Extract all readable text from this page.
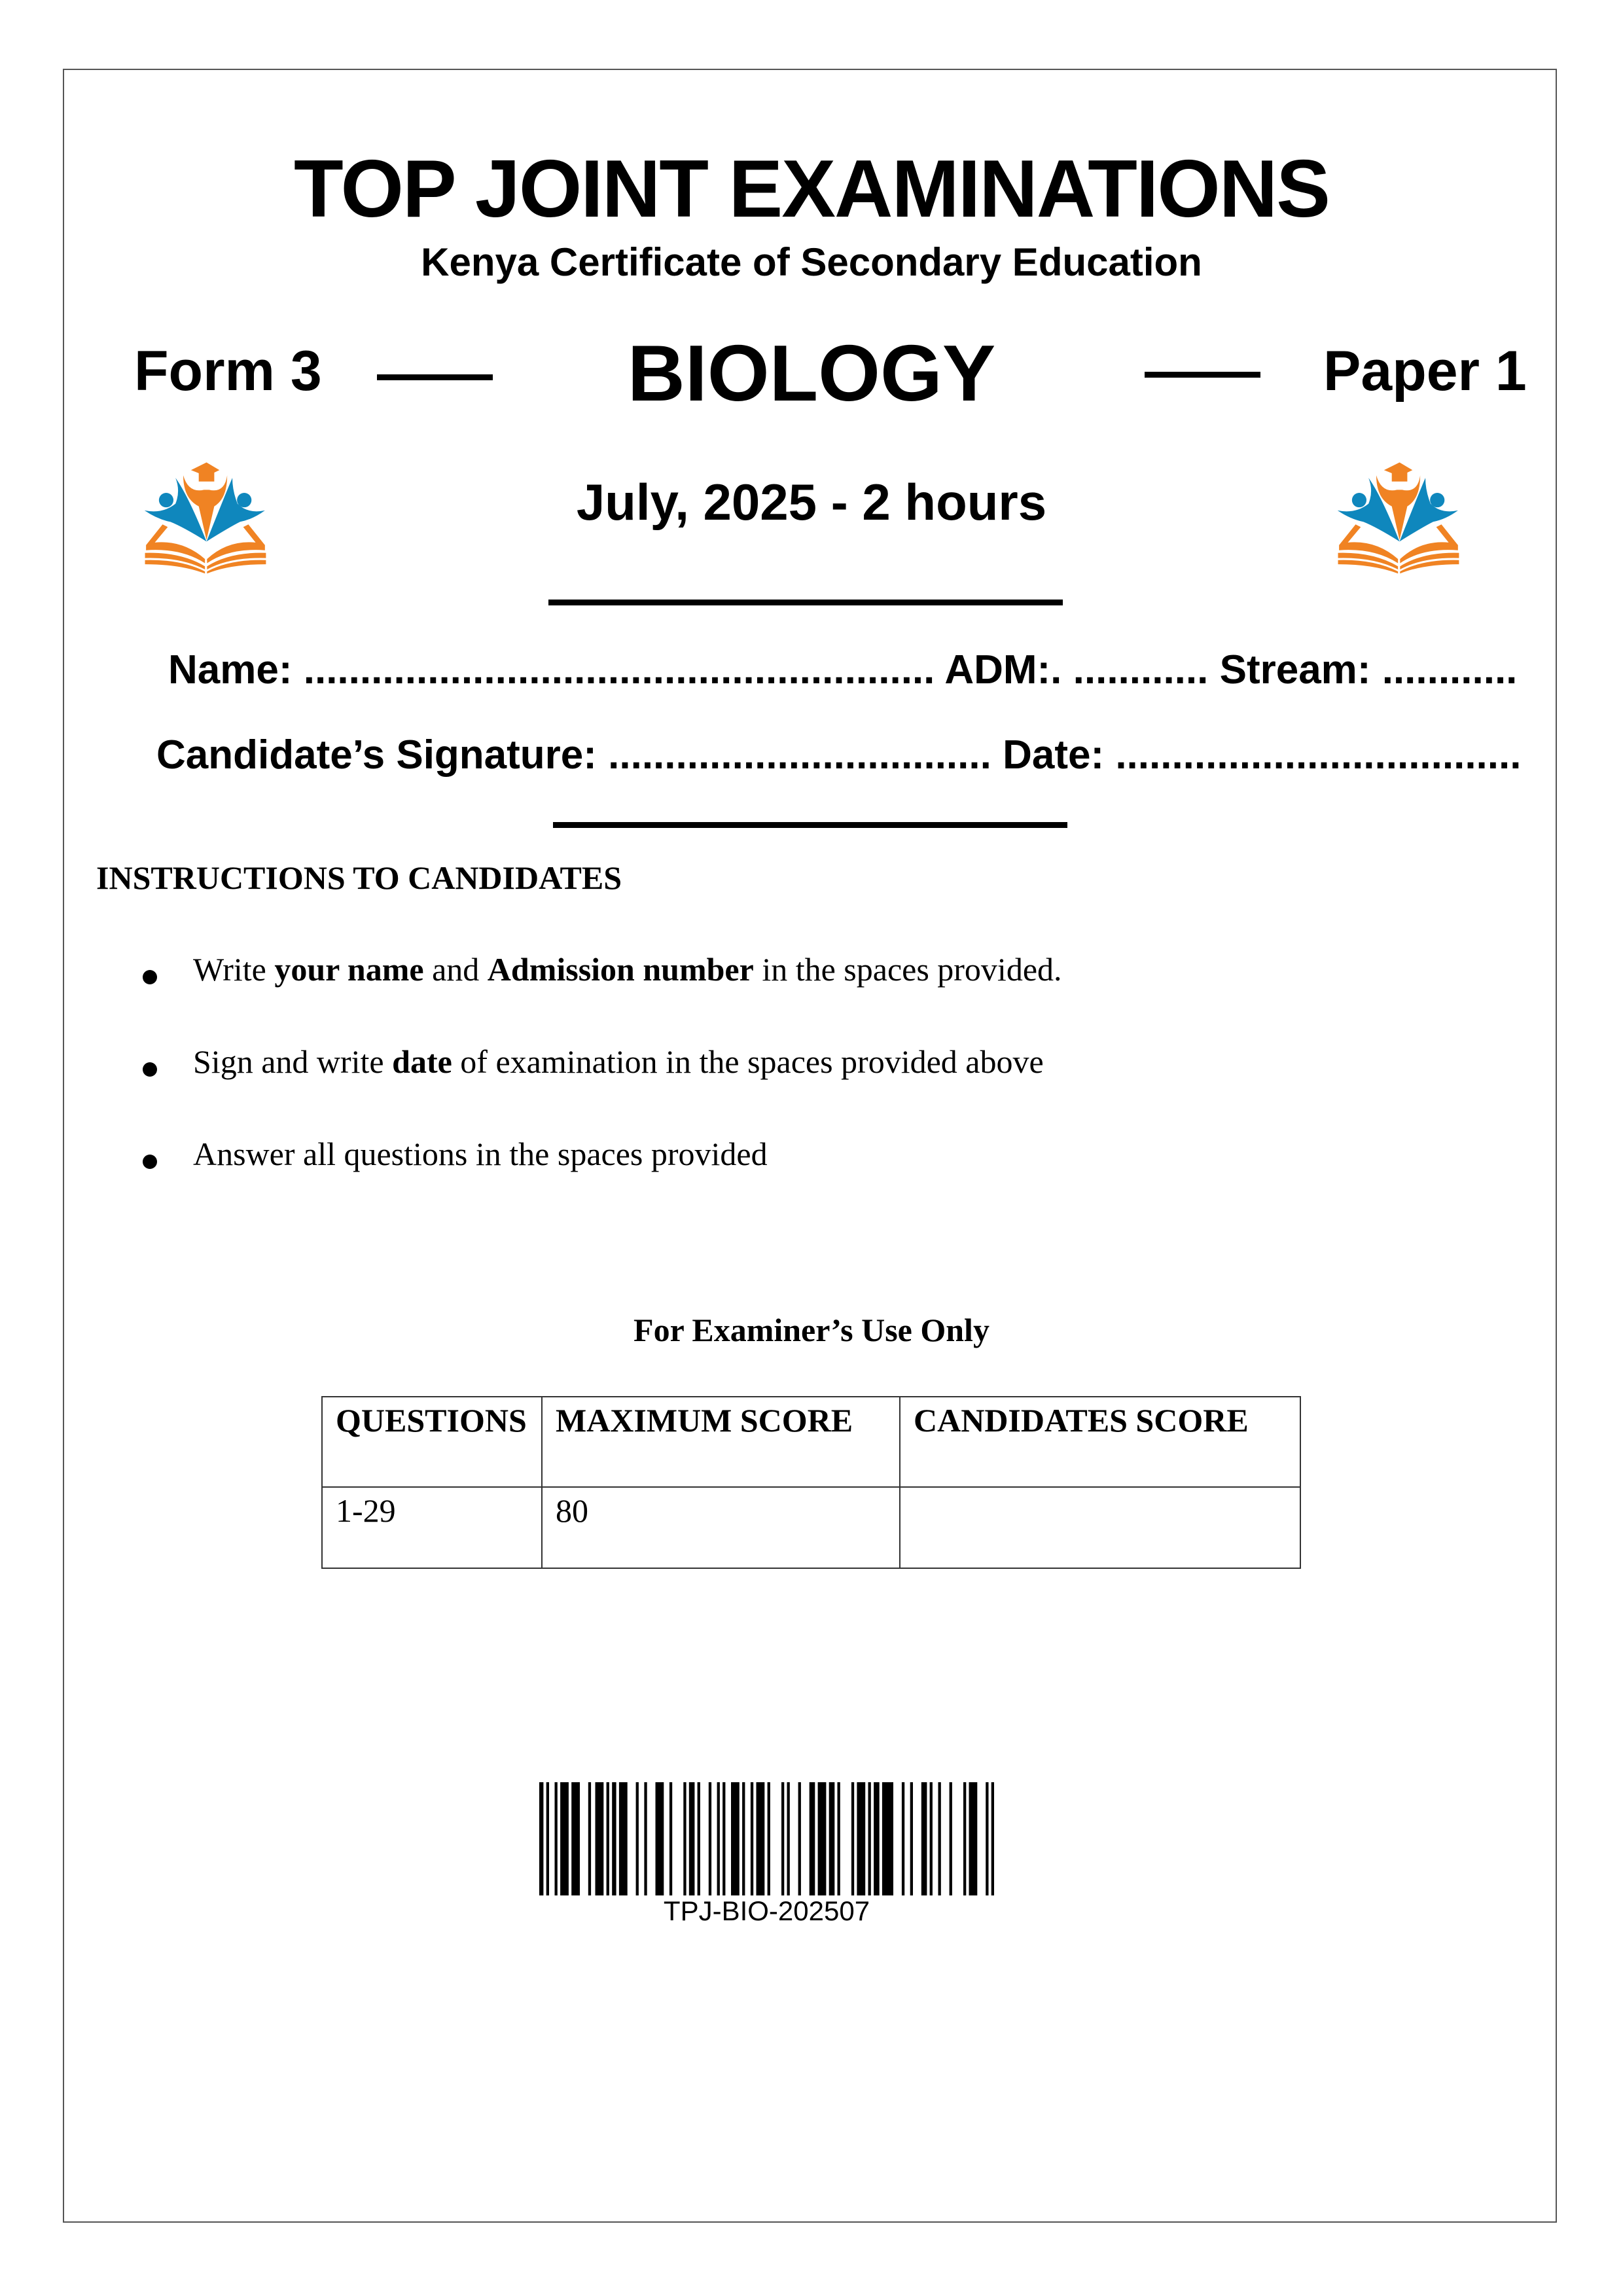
TOP JOINT EXAMINATIONS
Kenya Certificate of Secondary Education
Form 3	BIOLOGY	Paper 1
July, 2025 - 2 hours
Name: ........................................................ ADM:. ............ Stream: ............
Candidate’s Signature: .................................. Date: ....................................
INSTRUCTIONS TO CANDIDATES
Write your name and Admission number in the spaces provided.
Sign and write date of examination in the spaces provided above
Answer all questions in the spaces provided
For Examiner’s Use Only
QUESTIONS	MAXIMUM SCORE	CANDIDATES SCORE
1-29	80	
TPJ-BIO-202507
